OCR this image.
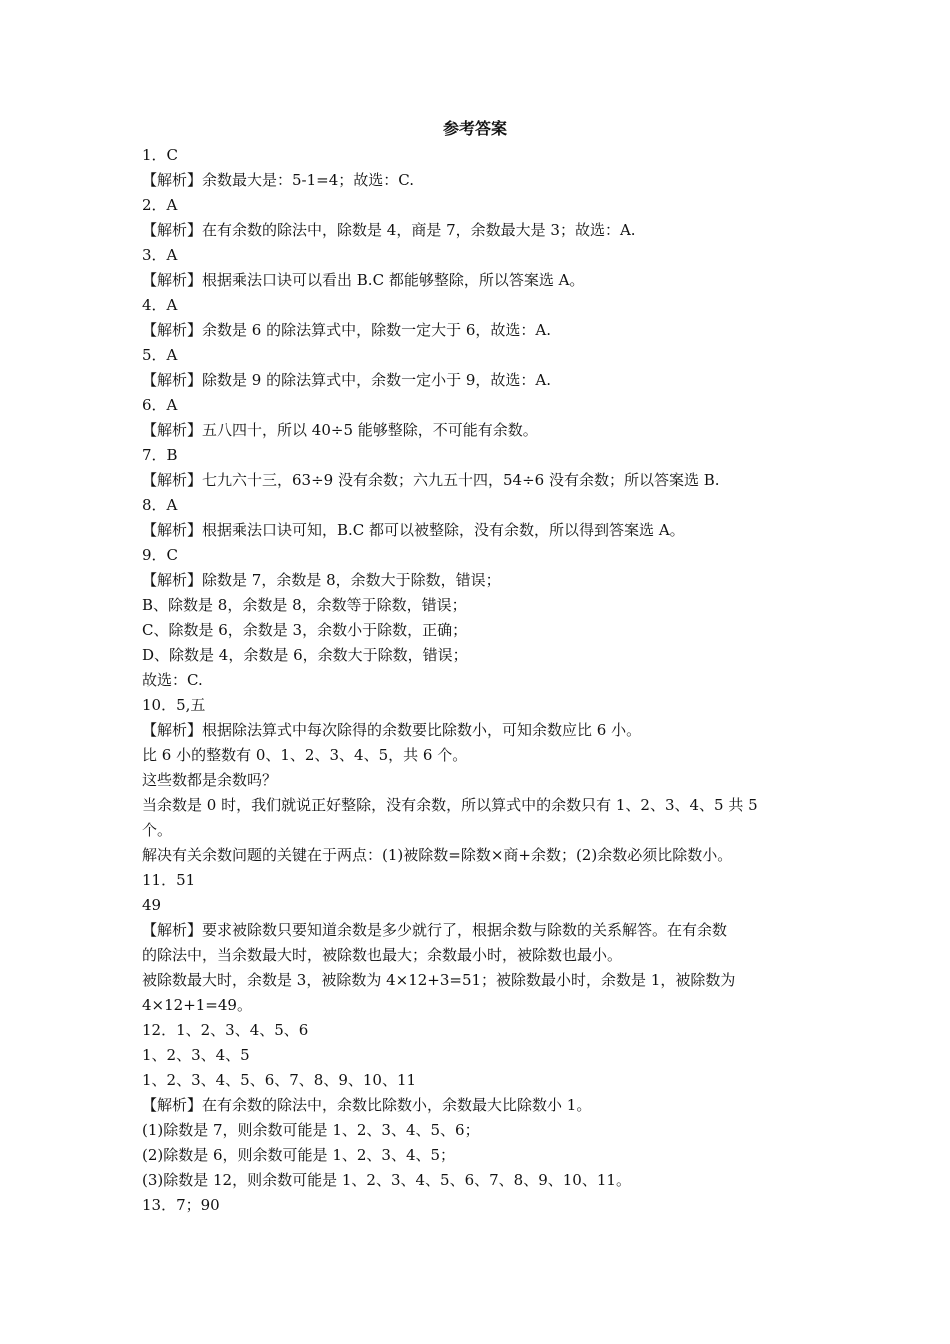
参考答案

1．C

【解析】余数最大是：5-1=4；故选：C.

2．A

【解析】在有余数的除法中，除数是 4，商是 7，余数最大是 3；故选：A.

3．A

【解析】根据乘法口诀可以看出 B.C 都能够整除，所以答案选 A。

4．A

【解析】余数是 6 的除法算式中，除数一定大于 6，故选：A.

5．A

【解析】除数是 9 的除法算式中，余数一定小于 9，故选：A.

6．A

【解析】五八四十，所以 40÷5 能够整除，不可能有余数。

7．B

【解析】七九六十三，63÷9 没有余数；六九五十四，54÷6 没有余数；所以答案选 B.

8．A

【解析】根据乘法口诀可知，B.C 都可以被整除，没有余数，所以得到答案选 A。

9．C

【解析】除数是 7，余数是 8，余数大于除数，错误；

B、除数是 8，余数是 8，余数等于除数，错误；

C、除数是 6，余数是 3，余数小于除数，正确；

D、除数是 4，余数是 6，余数大于除数，错误；

故选：C.

10．5,五

【解析】根据除法算式中每次除得的余数要比除数小，可知余数应比 6 小。

比 6 小的整数有 0、1、2、3、4、5，共 6 个。

这些数都是余数吗？

当余数是 0 时，我们就说正好整除，没有余数，所以算式中的余数只有 1、2、3、4、5 共 5

个。

解决有关余数问题的关键在于两点：(1)被除数=除数×商+余数；(2)余数必须比除数小。

11．51

49

【解析】要求被除数只要知道余数是多少就行了，根据余数与除数的关系解答。在有余数

的除法中，当余数最大时，被除数也最大；余数最小时，被除数也最小。

被除数最大时，余数是 3，被除数为 4×12+3=51；被除数最小时，余数是 1，被除数为

4×12+1=49。

12．1、2、3、4、5、6

1、2、3、4、5

1、2、3、4、5、6、7、8、9、10、11

【解析】在有余数的除法中，余数比除数小，余数最大比除数小 1。

(1)除数是 7，则余数可能是 1、2、3、4、5、6；

(2)除数是 6，则余数可能是 1、2、3、4、5；

(3)除数是 12，则余数可能是 1、2、3、4、5、6、7、8、9、10、11。

13．7；90
